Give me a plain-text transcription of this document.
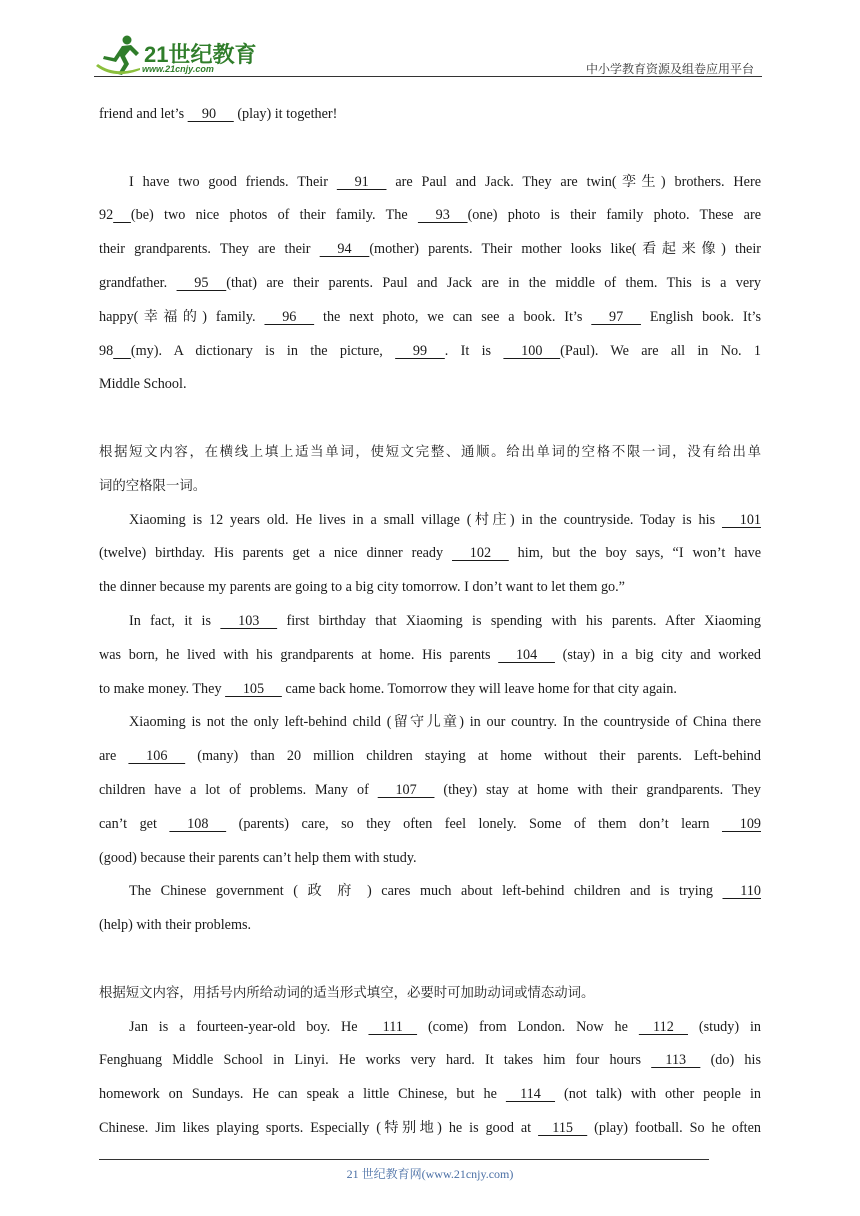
21世纪教育
www.21cnjy.com	中小学教育资源及组卷应用平台
friend and let’s     90      (play) it together!
I have two good friends. Their      91      are Paul and Jack. They are twin(孪生) brothers. Here
92 (be) two nice photos of their family. The      93     (one) photo is their family photo. These are
their grandparents. They are their      94     (mother) parents. Their mother looks like(看起来像) their
grandfather.      95     (that) are their parents. Paul and Jack are in the middle of them. This is a very
happy(幸福的) family.      96      the next photo, we can see a book. It’s      97      English book. It’s
98 (my). A dictionary is in the picture,      99     . It is      100     (Paul). We are all in No. 1
Middle School.
根据短文内容，在横线上填上适当单词，使短文完整、通顺。给出单词的空格不限一词，没有给出单
词的空格限一词。
Xiaoming is 12 years old. He lives in a small village (村庄) in the countryside. Today is his      101
(twelve) birthday. His parents get a nice dinner ready      102      him, but the boy says, “I won’t have
the dinner because my parents are going to a big city tomorrow. I don’t want to let them go.”
In fact, it is      103      first birthday that Xiaoming is spending with his parents. After Xiaoming
was born, he lived with his grandparents at home. His parents      104      (stay) in a big city and worked
to make money. They      105      came back home. Tomorrow they will leave home for that city again.
Xiaoming is not the only left-behind child (留守儿童) in our country. In the countryside of China there
are      106      (many) than 20 million children staying at home without their parents. Left-behind
children have a lot of problems. Many of      107      (they) stay at home with their grandparents. They
can’t get      108      (parents) care, so they often feel lonely. Some of them don’t learn      109
(good) because their parents can’t help them with study.
The Chinese government ( 政 府 ) cares much about left-behind children and is trying      110
(help) with their problems.
根据短文内容，用括号内所给动词的适当形式填空，必要时可加助动词或情态动词。
Jan is a fourteen-year-old boy. He     111     (come) from London. Now he     112     (study) in
Fenghuang Middle School in Linyi. He works very hard. It takes him four hours     113     (do) his
homework on Sundays. He can speak a little Chinese, but he     114     (not talk) with other people in
Chinese. Jim likes playing sports. Especially (特别地) he is good at     115     (play) football. So he often
21 世纪教育网(www.21cnjy.com)
